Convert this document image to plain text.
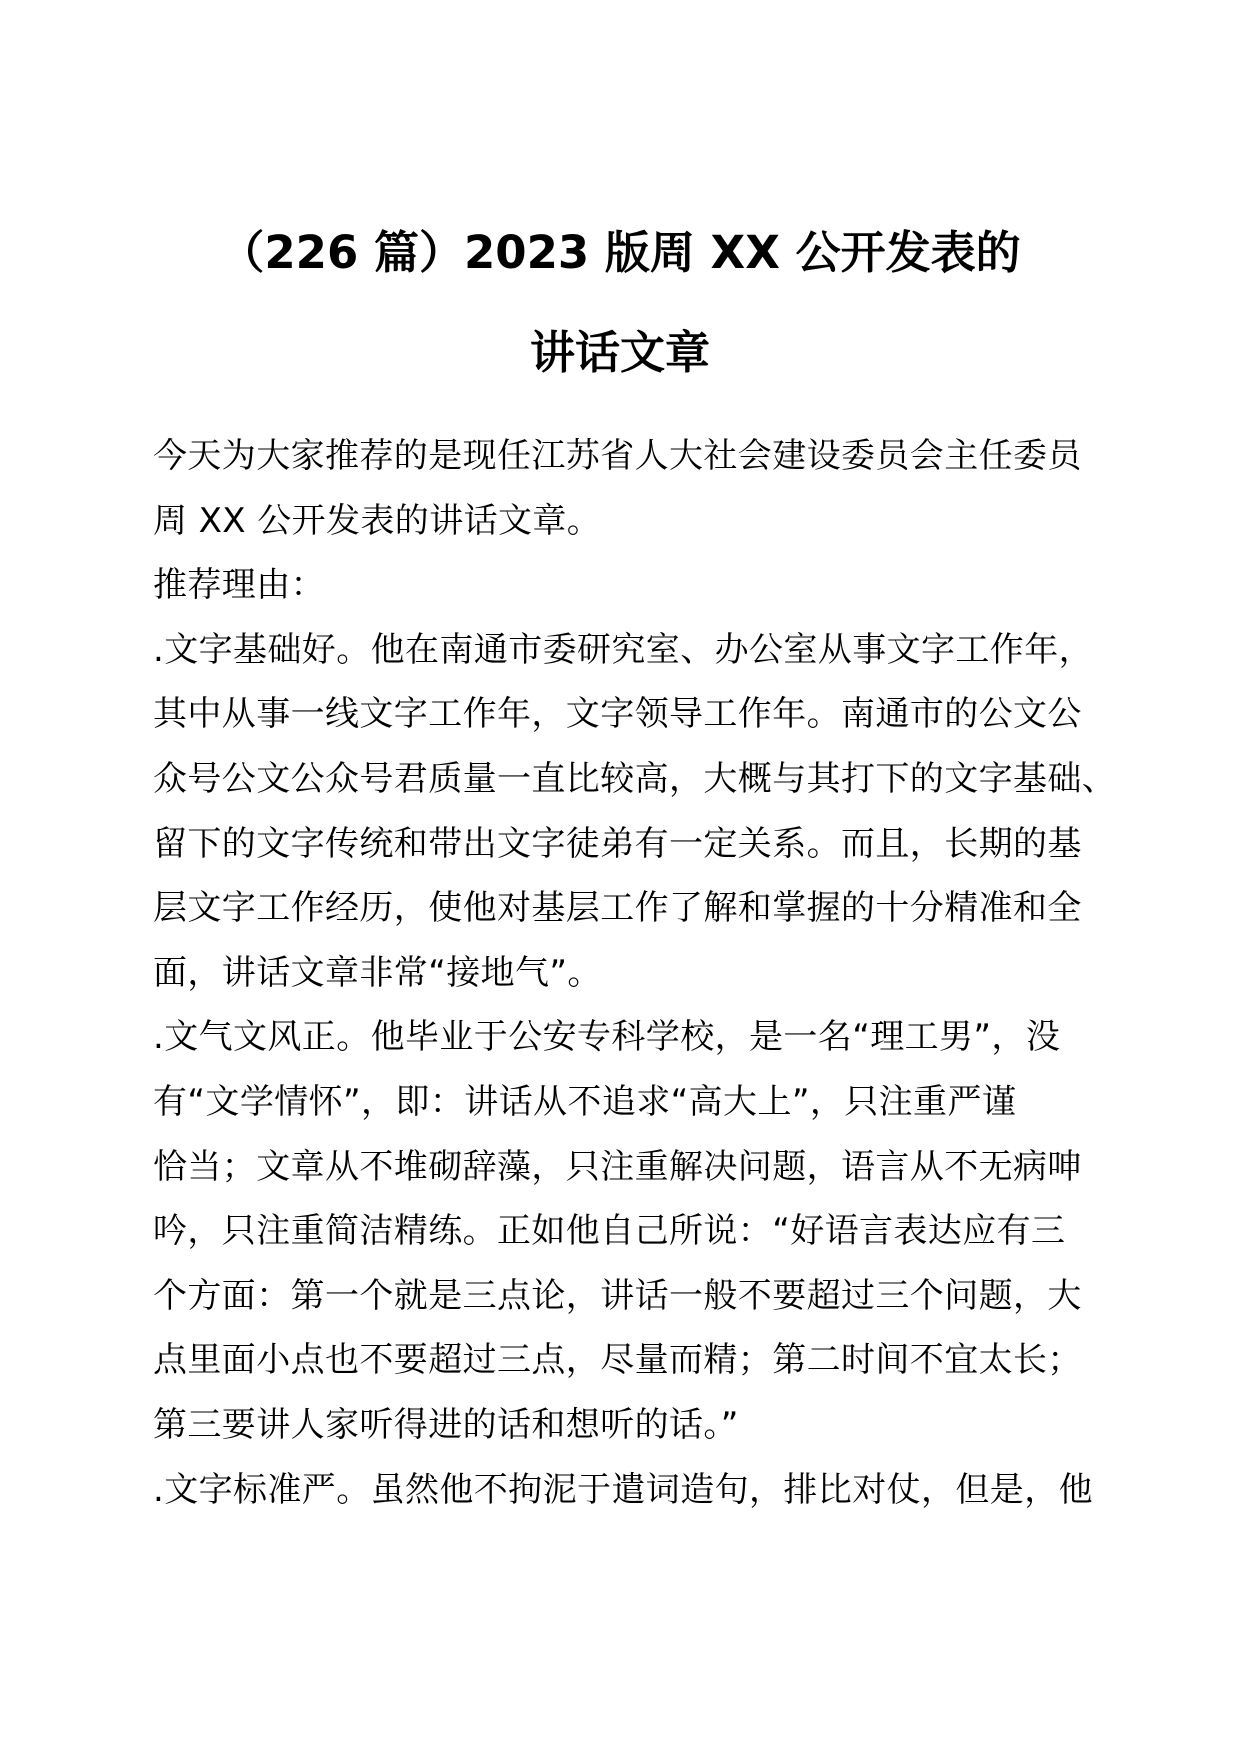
（226 篇）2023 版周 XX 公开发表的
讲话文章
今天为大家推荐的是现任江苏省人大社会建设委员会主任委员
周 XX 公开发表的讲话文章。
推荐理由：
.文字基础好。他在南通市委研究室、办公室从事文字工作年，
其中从事一线文字工作年，文字领导工作年。南通市的公文公
众号公文公众号君质量一直比较高，大概与其打下的文字基础、
留下的文字传统和带出文字徒弟有一定关系。而且，长期的基
层文字工作经历，使他对基层工作了解和掌握的十分精准和全
面，讲话文章非常“接地气”。
.文气文风正。他毕业于公安专科学校，是一名“理工男”，没
有“文学情怀”，即：讲话从不追求“高大上”，只注重严谨
恰当；文章从不堆砌辞藻，只注重解决问题，语言从不无病呻
吟，只注重简洁精练。正如他自己所说：“好语言表达应有三
个方面：第一个就是三点论，讲话一般不要超过三个问题，大
点里面小点也不要超过三点，尽量而精；第二时间不宜太长；
第三要讲人家听得进的话和想听的话。”
.文字标准严。虽然他不拘泥于遣词造句，排比对仗，但是，他
